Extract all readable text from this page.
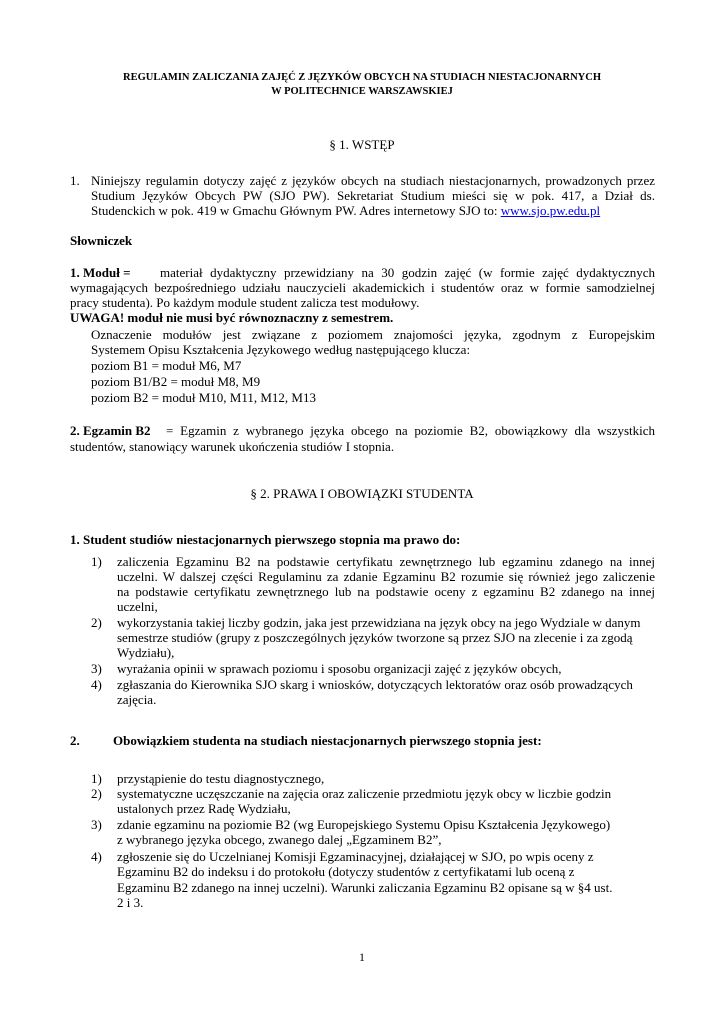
REGULAMIN ZALICZANIA ZAJĘĆ Z JĘZYKÓW OBCYCH NA STUDIACH NIESTACJONARNYCH
W POLITECHNICE WARSZAWSKIEJ
§ 1. WSTĘP
1. Niniejszy regulamin dotyczy zajęć z języków obcych na studiach niestacjonarnych, prowadzonych przez
Studium Języków Obcych PW (SJO PW). Sekretariat Studium mieści się w pok. 417, a Dział ds.
Studenckich w pok. 419 w Gmachu Głównym PW. Adres internetowy SJO to: www.sjo.pw.edu.pl
Słowniczek
1. Moduł = materiał dydaktyczny przewidziany na 30 godzin zajęć (w formie zajęć dydaktycznych
wymagających bezpośredniego udziału nauczycieli akademickich i studentów oraz w formie samodzielnej
pracy studenta). Po każdym module student zalicza test modułowy.
UWAGA! moduł nie musi być równoznaczny z semestrem.
Oznaczenie modułów jest związane z poziomem znajomości języka, zgodnym z Europejskim
Systemem Opisu Kształcenia Językowego według następującego klucza:
poziom B1 = moduł M6, M7
poziom B1/B2 = moduł M8, M9
poziom B2 = moduł M10, M11, M12, M13
2. Egzamin B2 = Egzamin z wybranego języka obcego na poziomie B2, obowiązkowy dla wszystkich
studentów, stanowiący warunek ukończenia studiów I stopnia.
§ 2. PRAWA I OBOWIĄZKI STUDENTA
1. Student studiów niestacjonarnych pierwszego stopnia ma prawo do:
1) zaliczenia Egzaminu B2 na podstawie certyfikatu zewnętrznego lub egzaminu zdanego na innej
uczelni. W dalszej części Regulaminu za zdanie Egzaminu B2 rozumie się również jego zaliczenie
na podstawie certyfikatu zewnętrznego lub na podstawie oceny z egzaminu B2 zdanego na innej
uczelni,
2) wykorzystania takiej liczby godzin, jaka jest przewidziana na język obcy na jego Wydziale w danym
semestrze studiów (grupy z poszczególnych języków tworzone są przez SJO na zlecenie i za zgodą
Wydziału),
3) wyrażania opinii w sprawach poziomu i sposobu organizacji zajęć z języków obcych,
4) zgłaszania do Kierownika SJO skarg i wniosków, dotyczących lektoratów oraz osób prowadzących
zajęcia.
2.	Obowiązkiem studenta na studiach niestacjonarnych pierwszego stopnia jest:
1) przystąpienie do testu diagnostycznego,
2) systematyczne uczęszczanie na zajęcia oraz zaliczenie przedmiotu język obcy w liczbie godzin
ustalonych przez Radę Wydziału,
3) zdanie egzaminu na poziomie B2 (wg Europejskiego Systemu Opisu Kształcenia Językowego)
z wybranego języka obcego, zwanego dalej „Egzaminem B2”,
4) zgłoszenie się do Uczelnianej Komisji Egzaminacyjnej, działającej w SJO, po wpis oceny z
Egzaminu B2 do indeksu i do protokołu (dotyczy studentów z certyfikatami lub oceną z
Egzaminu B2 zdanego na innej uczelni). Warunki zaliczania Egzaminu B2 opisane są w §4 ust.
2 i 3.
1
